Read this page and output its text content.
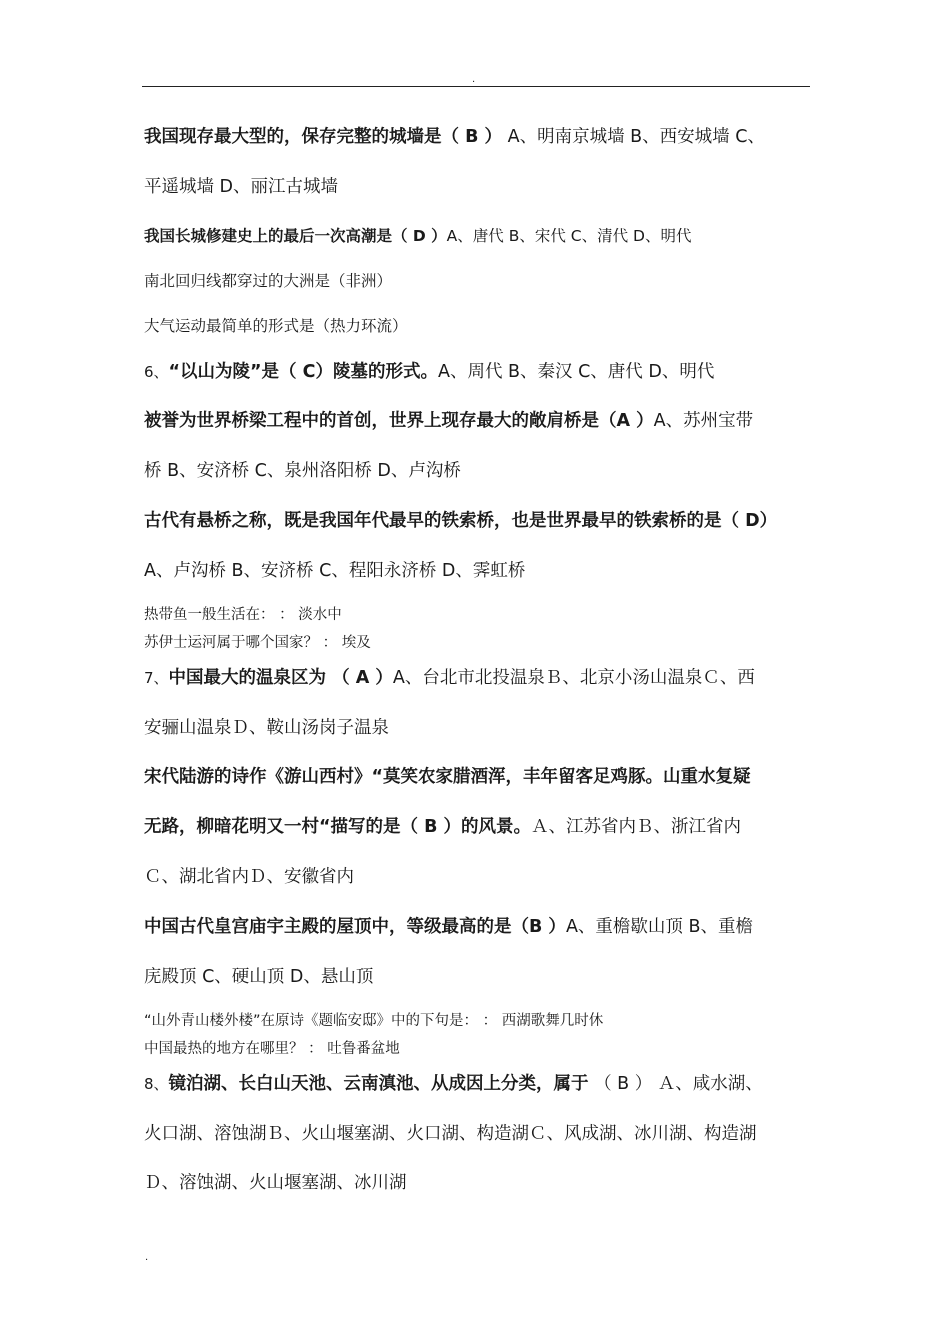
.
我国现存最大型的，保存完整的城墙是（ B ） A、明南京城墙 B、西安城墙 C、
平遥城墙 D、丽江古城墙
我国长城修建史上的最后一次高潮是（ D ）A、唐代 B、宋代 C、清代 D、明代
南北回归线都穿过的大洲是（非洲）
大气运动最简单的形式是（热力环流）
6、“以山为陵”是（ C）陵墓的形式。A、周代 B、秦汉 C、唐代 D、明代
被誉为世界桥梁工程中的首创，世界上现存最大的敞肩桥是（A ）A、苏州宝带
桥 B、安济桥 C、泉州洛阳桥 D、卢沟桥
古代有悬桥之称，既是我国年代最早的铁索桥，也是世界最早的铁索桥的是（ D）
A、卢沟桥 B、安济桥 C、程阳永济桥 D、霁虹桥
热带鱼一般生活在： ： 淡水中
苏伊士运河属于哪个国家？ ： 埃及
7、中国最大的温泉区为 （ A ）A、台北市北投温泉Ｂ、北京小汤山温泉Ｃ、西
安骊山温泉Ｄ、鞍山汤岗子温泉
宋代陆游的诗作《游山西村》“莫笑农家腊酒浑，丰年留客足鸡豚。山重水复疑
无路，柳暗花明又一村“描写的是（ B ）的风景。Ａ、江苏省内Ｂ、浙江省内
Ｃ、湖北省内Ｄ、安徽省内
中国古代皇宫庙宇主殿的屋顶中，等级最高的是（B ）A、重檐歇山顶 B、重檐
庑殿顶 C、硬山顶 D、悬山顶
“山外青山楼外楼”在原诗《题临安邸》中的下句是： ： 西湖歌舞几时休
中国最热的地方在哪里？ ： 吐鲁番盆地
8、镜泊湖、长白山天池、云南滇池、从成因上分类，属于 （ B ） Ａ、咸水湖、
火口湖、溶蚀湖Ｂ、火山堰塞湖、火口湖、构造湖Ｃ、风成湖、冰川湖、构造湖
Ｄ、溶蚀湖、火山堰塞湖、冰川湖
.
